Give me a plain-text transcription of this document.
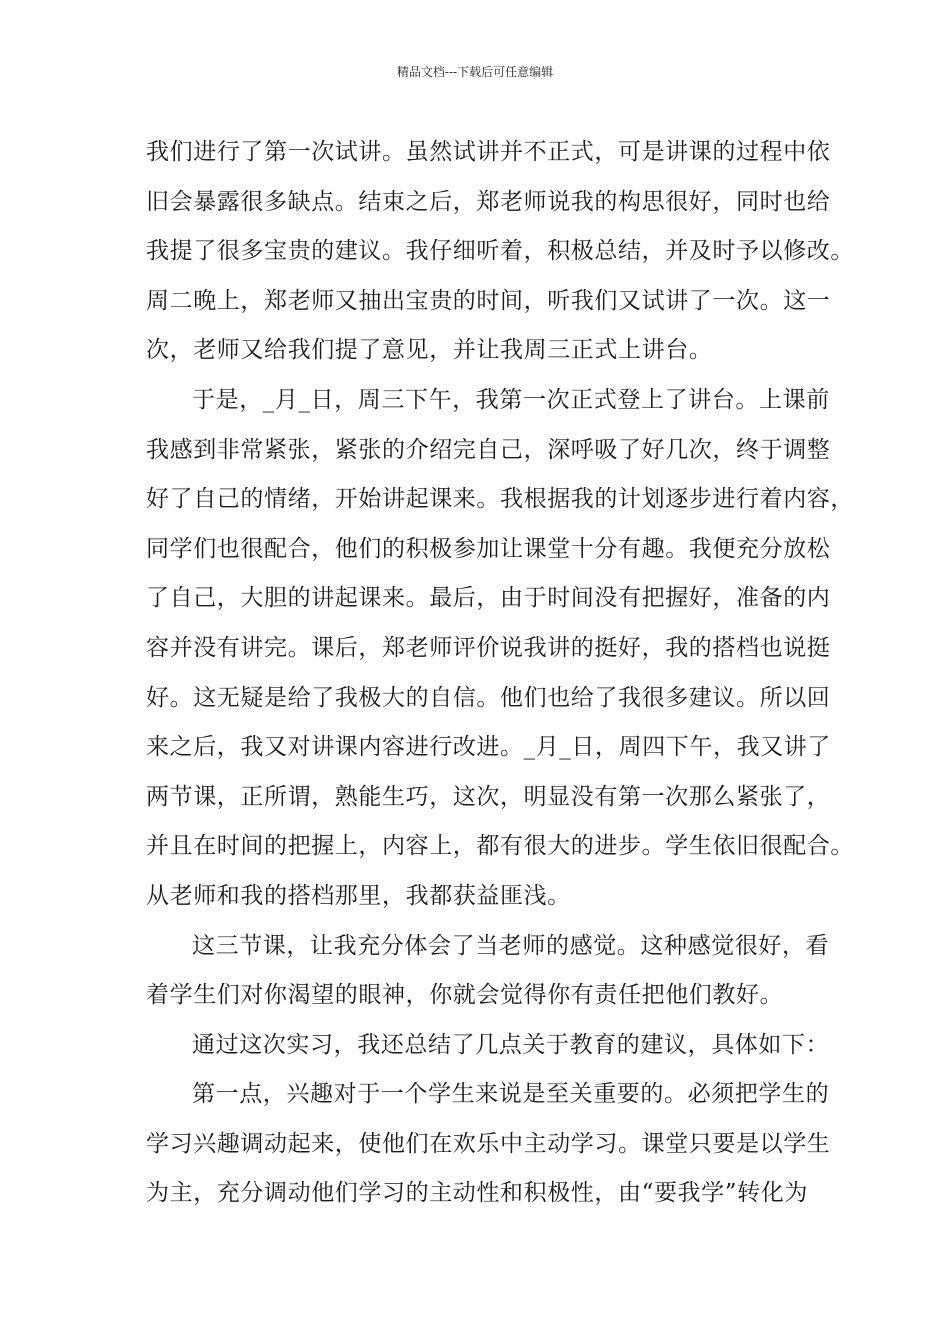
精品文档---下载后可任意编辑

我们进行了第一次试讲。虽然试讲并不正式，可是讲课的过程中依

旧会暴露很多缺点。结束之后，郑老师说我的构思很好，同时也给

我提了很多宝贵的建议。我仔细听着，积极总结，并及时予以修改。

周二晚上，郑老师又抽出宝贵的时间，听我们又试讲了一次。这一

次，老师又给我们提了意见，并让我周三正式上讲台。

于是，_月_日，周三下午，我第一次正式登上了讲台。上课前

我感到非常紧张，紧张的介绍完自己，深呼吸了好几次，终于调整

好了自己的情绪，开始讲起课来。我根据我的计划逐步进行着内容，

同学们也很配合，他们的积极参加让课堂十分有趣。我便充分放松

了自己，大胆的讲起课来。最后，由于时间没有把握好，准备的内

容并没有讲完。课后，郑老师评价说我讲的挺好，我的搭档也说挺

好。这无疑是给了我极大的自信。他们也给了我很多建议。所以回

来之后，我又对讲课内容进行改进。_月_日，周四下午，我又讲了

两节课，正所谓，熟能生巧，这次，明显没有第一次那么紧张了，

并且在时间的把握上，内容上，都有很大的进步。学生依旧很配合。

从老师和我的搭档那里，我都获益匪浅。

这三节课，让我充分体会了当老师的感觉。这种感觉很好，看

着学生们对你渴望的眼神，你就会觉得你有责任把他们教好。

通过这次实习，我还总结了几点关于教育的建议，具体如下：

第一点，兴趣对于一个学生来说是至关重要的。必须把学生的

学习兴趣调动起来，使他们在欢乐中主动学习。课堂只要是以学生

为主，充分调动他们学习的主动性和积极性，由“要我学”转化为
